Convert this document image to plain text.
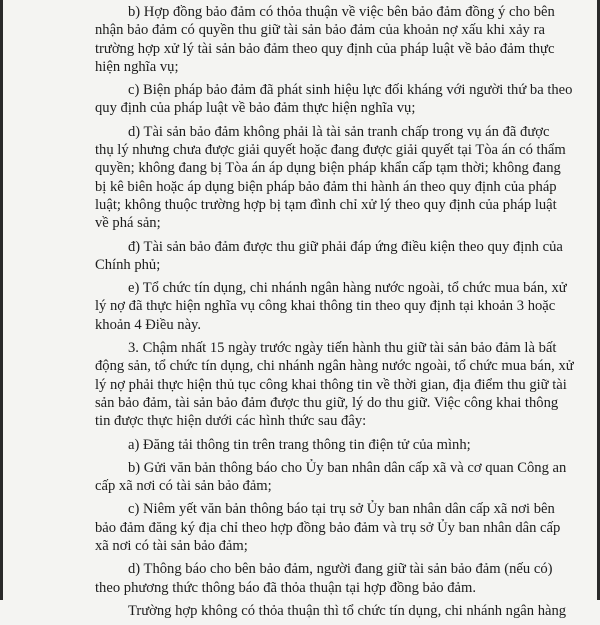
b) Hợp đồng bảo đảm có thỏa thuận về việc bên bảo đảm đồng ý cho bên
nhận bảo đảm có quyền thu giữ tài sản bảo đảm của khoản nợ xấu khi xảy ra
trường hợp xử lý tài sản bảo đảm theo quy định của pháp luật về bảo đảm thực
hiện nghĩa vụ;
c) Biện pháp bảo đảm đã phát sinh hiệu lực đối kháng với người thứ ba theo
quy định của pháp luật về bảo đảm thực hiện nghĩa vụ;
d) Tài sản bảo đảm không phải là tài sản tranh chấp trong vụ án đã được
thụ lý nhưng chưa được giải quyết hoặc đang được giải quyết tại Tòa án có thẩm
quyền; không đang bị Tòa án áp dụng biện pháp khẩn cấp tạm thời; không đang
bị kê biên hoặc áp dụng biện pháp bảo đảm thi hành án theo quy định của pháp
luật; không thuộc trường hợp bị tạm đình chỉ xử lý theo quy định của pháp luật
về phá sản;
đ) Tài sản bảo đảm được thu giữ phải đáp ứng điều kiện theo quy định của
Chính phủ;
e) Tổ chức tín dụng, chi nhánh ngân hàng nước ngoài, tổ chức mua bán, xử
lý nợ đã thực hiện nghĩa vụ công khai thông tin theo quy định tại khoản 3 hoặc
khoản 4 Điều này.
3. Chậm nhất 15 ngày trước ngày tiến hành thu giữ tài sản bảo đảm là bất
động sản, tổ chức tín dụng, chi nhánh ngân hàng nước ngoài, tổ chức mua bán, xử
lý nợ phải thực hiện thủ tục công khai thông tin về thời gian, địa điểm thu giữ tài
sản bảo đảm, tài sản bảo đảm được thu giữ, lý do thu giữ. Việc công khai thông
tin được thực hiện dưới các hình thức sau đây:
a) Đăng tải thông tin trên trang thông tin điện tử của mình;
b) Gửi văn bản thông báo cho Ủy ban nhân dân cấp xã và cơ quan Công an
cấp xã nơi có tài sản bảo đảm;
c) Niêm yết văn bản thông báo tại trụ sở Ủy ban nhân dân cấp xã nơi bên
bảo đảm đăng ký địa chỉ theo hợp đồng bảo đảm và trụ sở Ủy ban nhân dân cấp
xã nơi có tài sản bảo đảm;
d) Thông báo cho bên bảo đảm, người đang giữ tài sản bảo đảm (nếu có)
theo phương thức thông báo đã thỏa thuận tại hợp đồng bảo đảm.
Trường hợp không có thỏa thuận thì tổ chức tín dụng, chi nhánh ngân hàng
